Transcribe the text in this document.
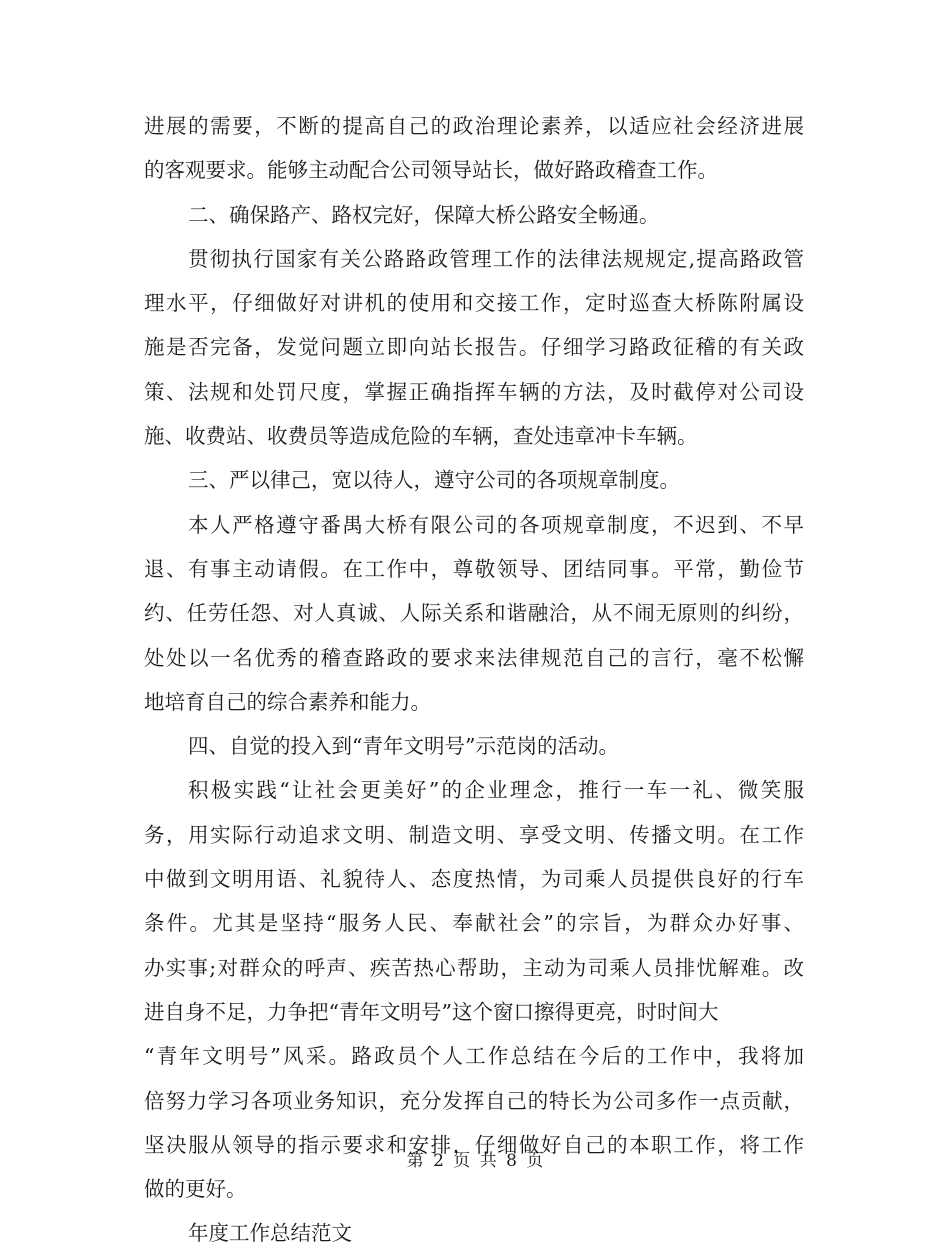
进展的需要，不断的提高自己的政治理论素养，以适应社会经济进展
的客观要求。能够主动配合公司领导站长，做好路政稽查工作。
二、确保路产、路权完好，保障大桥公路安全畅通。
贯彻执行国家有关公路路政管理工作的法律法规规定,提高路政管
理水平，仔细做好对讲机的使用和交接工作，定时巡查大桥陈附属设
施是否完备，发觉问题立即向站长报告。仔细学习路政征稽的有关政
策、法规和处罚尺度，掌握正确指挥车辆的方法，及时截停对公司设
施、收费站、收费员等造成危险的车辆，查处违章冲卡车辆。
三、严以律己，宽以待人，遵守公司的各项规章制度。
本人严格遵守番禺大桥有限公司的各项规章制度，不迟到、不早
退、有事主动请假。在工作中，尊敬领导、团结同事。平常，勤俭节
约、任劳任怨、对人真诚、人际关系和谐融洽，从不闹无原则的纠纷，
处处以一名优秀的稽查路政的要求来法律规范自己的言行，毫不松懈
地培育自己的综合素养和能力。
四、自觉的投入到“青年文明号”示范岗的活动。
积极实践“让社会更美好”的企业理念，推行一车一礼、微笑服
务，用实际行动追求文明、制造文明、享受文明、传播文明。在工作
中做到文明用语、礼貌待人、态度热情，为司乘人员提供良好的行车
条件。尤其是坚持“服务人民、奉献社会”的宗旨，为群众办好事、
办实事;对群众的呼声、疾苦热心帮助，主动为司乘人员排忧解难。改
进自身不足，力争把“青年文明号”这个窗口擦得更亮，时时间大
“青年文明号”风采。路政员个人工作总结在今后的工作中，我将加
倍努力学习各项业务知识，充分发挥自己的特长为公司多作一点贡献，
坚决服从领导的指示要求和安排，仔细做好自己的本职工作，将工作
做的更好。
年度工作总结范文
第 2 页 共 8 页
